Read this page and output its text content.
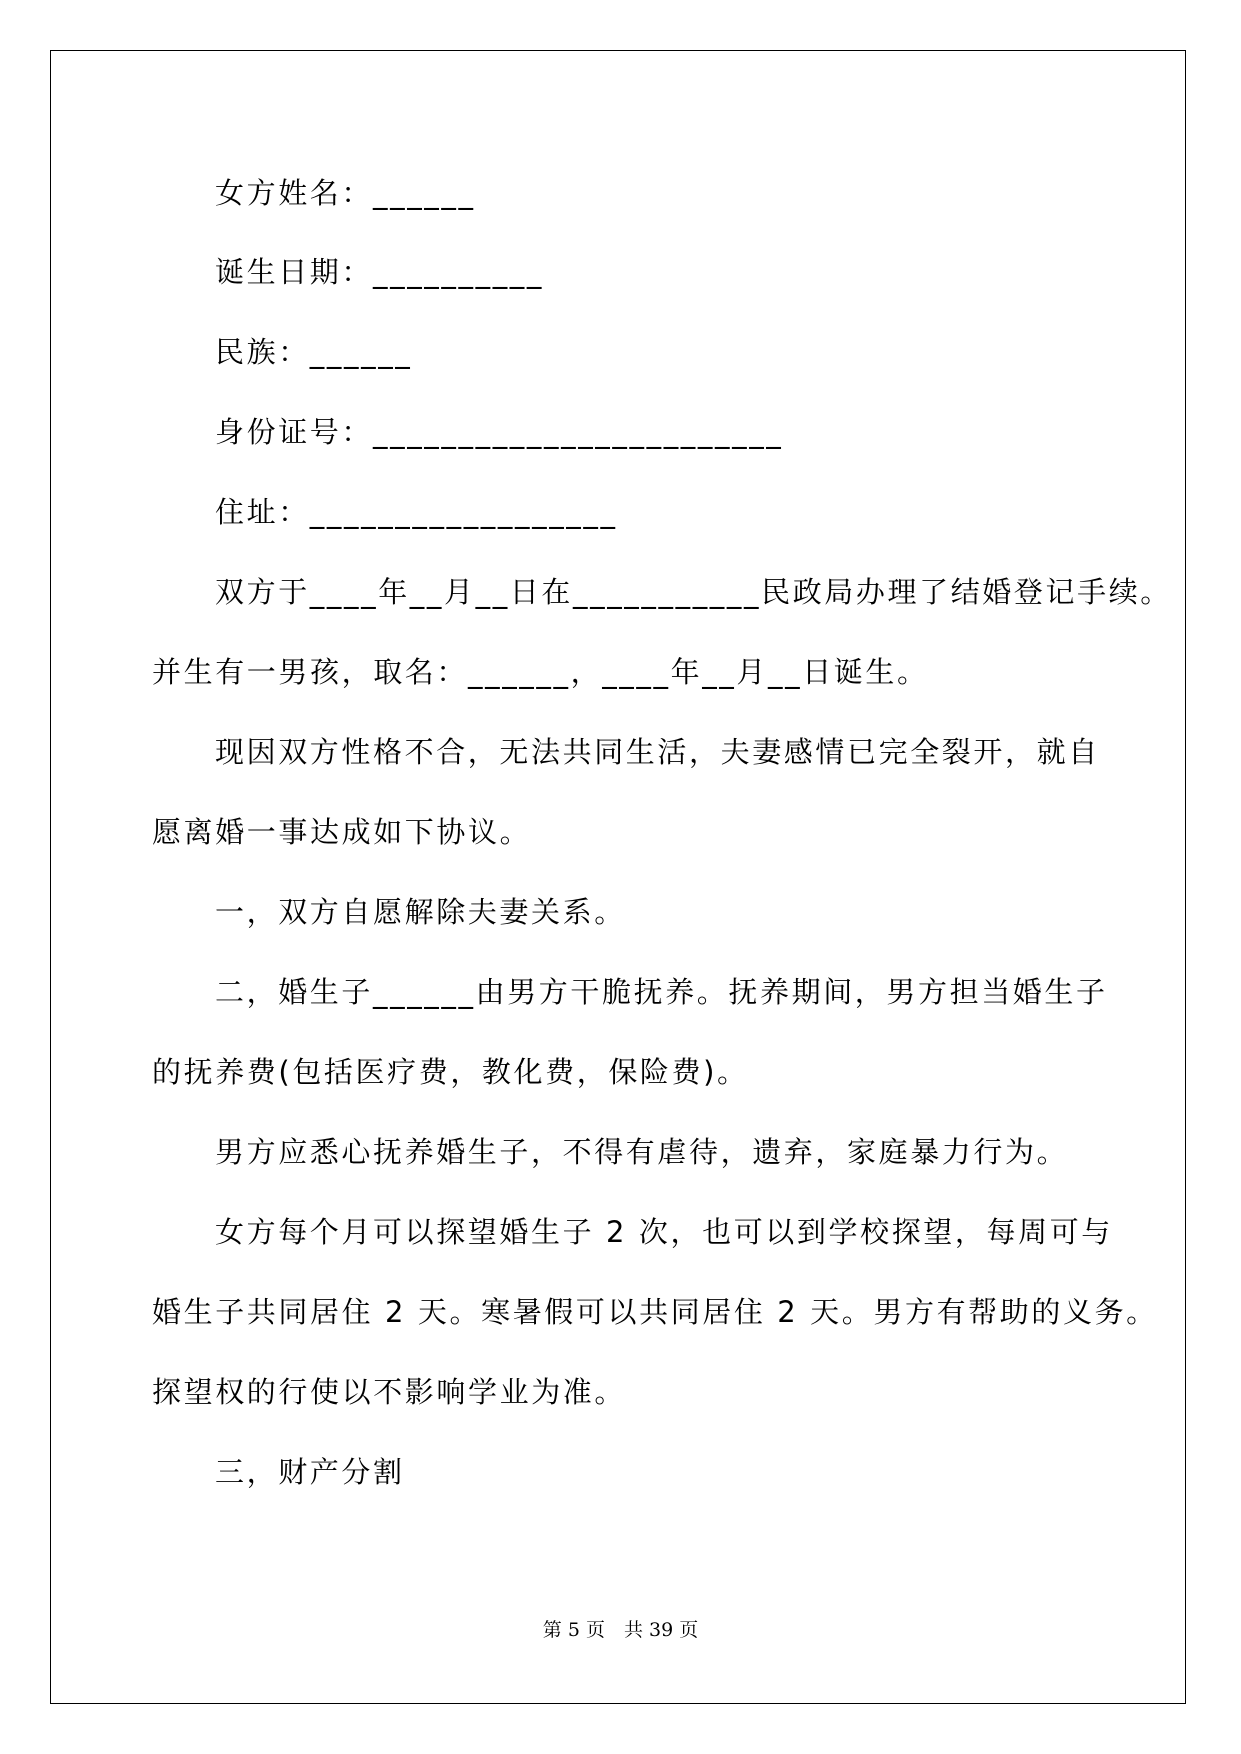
女方姓名：______

诞生日期：__________

民族：______

身份证号：________________________

住址：__________________

双方于____年__月__日在___________民政局办理了结婚登记手续。

并生有一男孩，取名：______，____年__月__日诞生。

现因双方性格不合，无法共同生活，夫妻感情已完全裂开，就自

愿离婚一事达成如下协议。

一，双方自愿解除夫妻关系。

二，婚生子______由男方干脆抚养。抚养期间，男方担当婚生子

的抚养费(包括医疗费，教化费，保险费)。

男方应悉心抚养婚生子，不得有虐待，遗弃，家庭暴力行为。

女方每个月可以探望婚生子 2 次，也可以到学校探望，每周可与

婚生子共同居住 2 天。寒暑假可以共同居住 2 天。男方有帮助的义务。

探望权的行使以不影响学业为准。

三，财产分割

第 5 页　共 39 页
